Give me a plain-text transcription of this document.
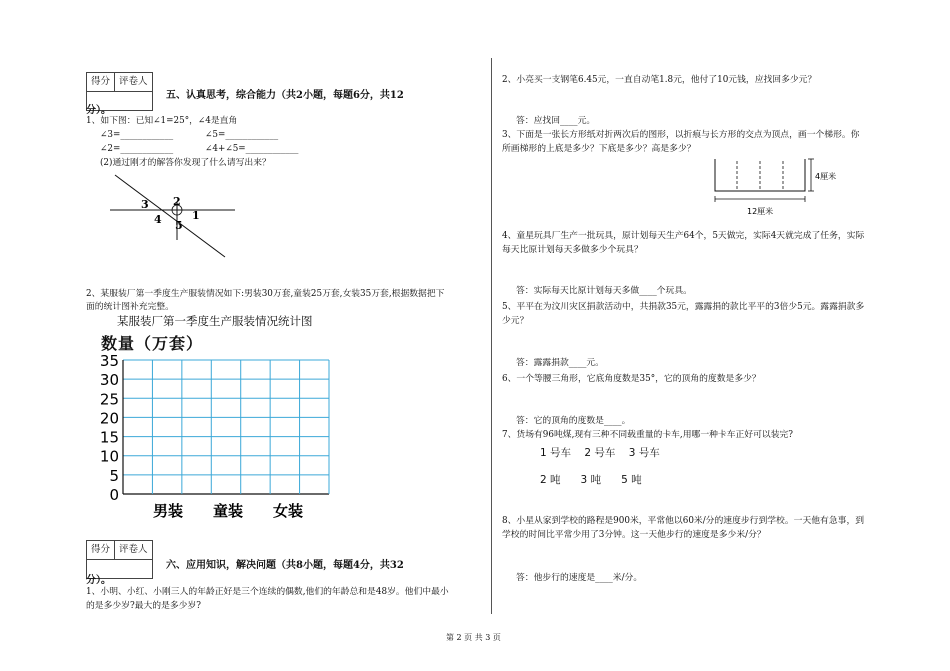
得分 评卷人
五、认真思考，综合能力（共2小题，每题6分，共12
分）。
1、如下图：已知∠1=25°，∠4是直角
∠3=____________	∠5=____________
∠2=____________	∠4+∠5=____________
(2)通过刚才的解答你发现了什么请写出来？
3 2
4	1
5
2、某服装厂第一季度生产服装情况如下:男装30万套,童装25万套,女装35万套,根据数据把下
面的统计图补充完整。
某服装厂第一季度生产服装情况统计图
数量（万套）
35
30
25
20
15
10
5
0
男装 童装 女装
得分 评卷人
六、应用知识，解决问题（共8小题，每题4分，共32
分）。
1、小明、小红、小刚三人的年龄正好是三个连续的偶数,他们的年龄总和是48岁。他们中最小
的是多少岁?最大的是多少岁?
2、小亮买一支钢笔6.45元，一直自动笔1.8元，他付了10元钱，应找回多少元？
答：应找回____元。
3、下面是一张长方形纸对折两次后的图形，以折痕与长方形的交点为顶点，画一个梯形。你
所画梯形的上底是多少？下底是多少？高是多少？
4厘米
12厘米
4、童星玩具厂生产一批玩具，原计划每天生产64个，5天做完，实际4天就完成了任务，实际
每天比原计划每天多做多少个玩具？
答：实际每天比原计划每天多做____个玩具。
5、平平在为汶川灾区捐款活动中，共捐款35元，露露捐的款比平平的3倍少5元。露露捐款多
少元？
答：露露捐款____元。
6、一个等腰三角形，它底角度数是35°，它的顶角的度数是多少？
答：它的顶角的度数是____。
7、货场有96吨煤,现有三种不同载重量的卡车,用哪一种卡车正好可以装完?
1 号车    2 号车    3 号车
2 吨      3 吨      5 吨
8、小星从家到学校的路程是900米，平常他以60米/分的速度步行到学校。一天他有急事，到
学校的时间比平常少用了3分钟。这一天他步行的速度是多少米/分？
答：他步行的速度是____米/分。
第 2 页 共 3 页
